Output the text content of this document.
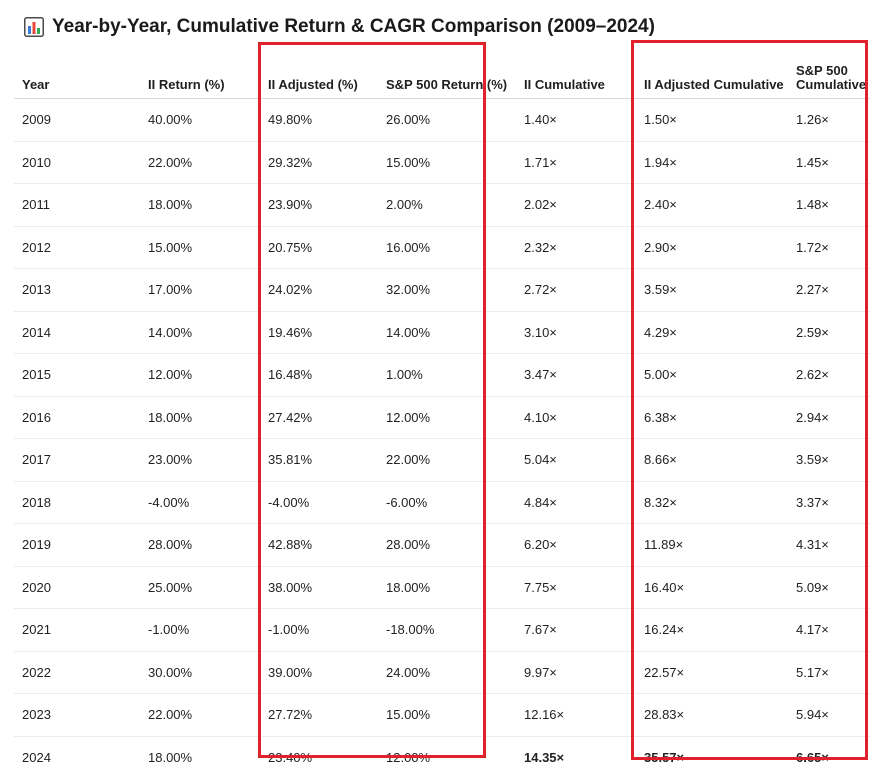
Year-by-Year, Cumulative Return & CAGR Comparison (2009–2024)
Year	II Return (%)	II Adjusted (%)	S&P 500 Return (%)	II Cumulative	II Adjusted Cumulative	S&P 500 Cumulative
2009	40.00%	49.80%	26.00%	1.40×	1.50×	1.26×
2010	22.00%	29.32%	15.00%	1.71×	1.94×	1.45×
2011	18.00%	23.90%	2.00%	2.02×	2.40×	1.48×
2012	15.00%	20.75%	16.00%	2.32×	2.90×	1.72×
2013	17.00%	24.02%	32.00%	2.72×	3.59×	2.27×
2014	14.00%	19.46%	14.00%	3.10×	4.29×	2.59×
2015	12.00%	16.48%	1.00%	3.47×	5.00×	2.62×
2016	18.00%	27.42%	12.00%	4.10×	6.38×	2.94×
2017	23.00%	35.81%	22.00%	5.04×	8.66×	3.59×
2018	-4.00%	-4.00%	-6.00%	4.84×	8.32×	3.37×
2019	28.00%	42.88%	28.00%	6.20×	11.89×	4.31×
2020	25.00%	38.00%	18.00%	7.75×	16.40×	5.09×
2021	-1.00%	-1.00%	-18.00%	7.67×	16.24×	4.17×
2022	30.00%	39.00%	24.00%	9.97×	22.57×	5.17×
2023	22.00%	27.72%	15.00%	12.16×	28.83×	5.94×
2024	18.00%	23.40%	12.00%	14.35×	35.57×	6.65×
